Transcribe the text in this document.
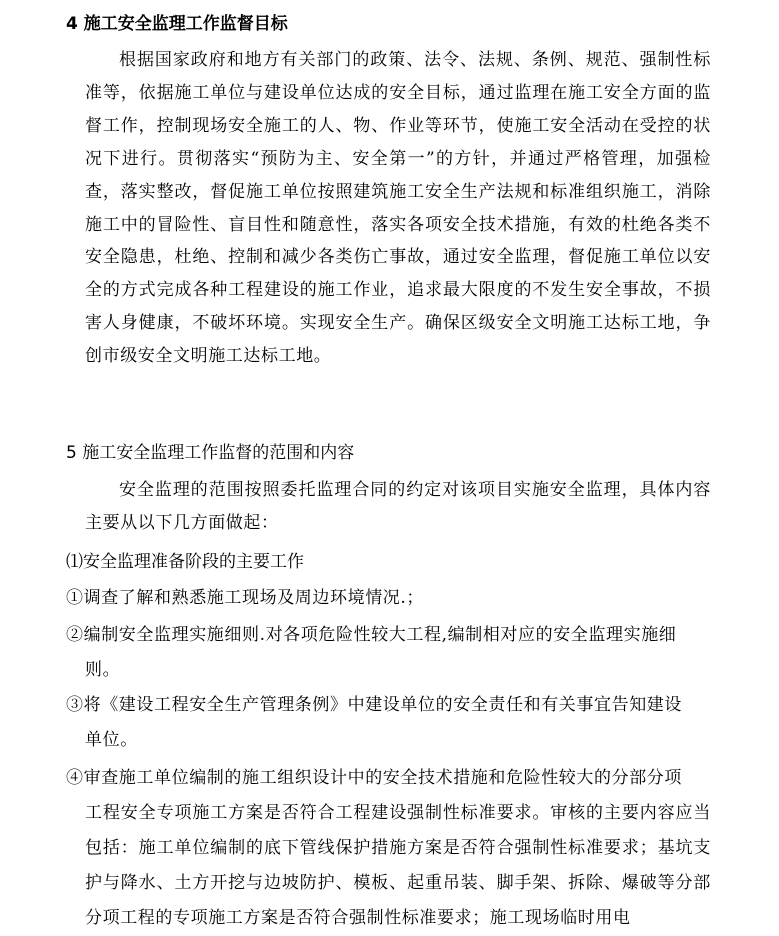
4 施工安全监理工作监督目标

根据国家政府和地方有关部门的政策、法令、法规、条例、规范、强制性标准等，依据施工单位与建设单位达成的安全目标，通过监理在施工安全方面的监督工作，控制现场安全施工的人、物、作业等环节，使施工安全活动在受控的状况下进行。贯彻落实“预防为主、安全第一”的方针，并通过严格管理，加强检查，落实整改，督促施工单位按照建筑施工安全生产法规和标准组织施工，消除施工中的冒险性、盲目性和随意性，落实各项安全技术措施，有效的杜绝各类不安全隐患，杜绝、控制和减少各类伤亡事故，通过安全监理，督促施工单位以安全的方式完成各种工程建设的施工作业，追求最大限度的不发生安全事故，不损害人身健康，不破坏环境。实现安全生产。确保区级安全文明施工达标工地，争创市级安全文明施工达标工地。

5 施工安全监理工作监督的范围和内容

安全监理的范围按照委托监理合同的约定对该项目实施安全监理，具体内容主要从以下几方面做起：

⑴安全监理准备阶段的主要工作
①调查了解和熟悉施工现场及周边环境情况.；
②编制安全监理实施细则.对各项危险性较大工程,编制相对应的安全监理实施细
则。
③将《建设工程安全生产管理条例》中建设单位的安全责任和有关事宜告知建设
单位。
④审查施工单位编制的施工组织设计中的安全技术措施和危险性较大的分部分项
工程安全专项施工方案是否符合工程建设强制性标准要求。审核的主要内容应当包括：施工单位编制的底下管线保护措施方案是否符合强制性标准要求；基坑支护与降水、土方开挖与边坡防护、模板、起重吊装、脚手架、拆除、爆破等分部分项工程的专项施工方案是否符合强制性标准要求；施工现场临时用电
